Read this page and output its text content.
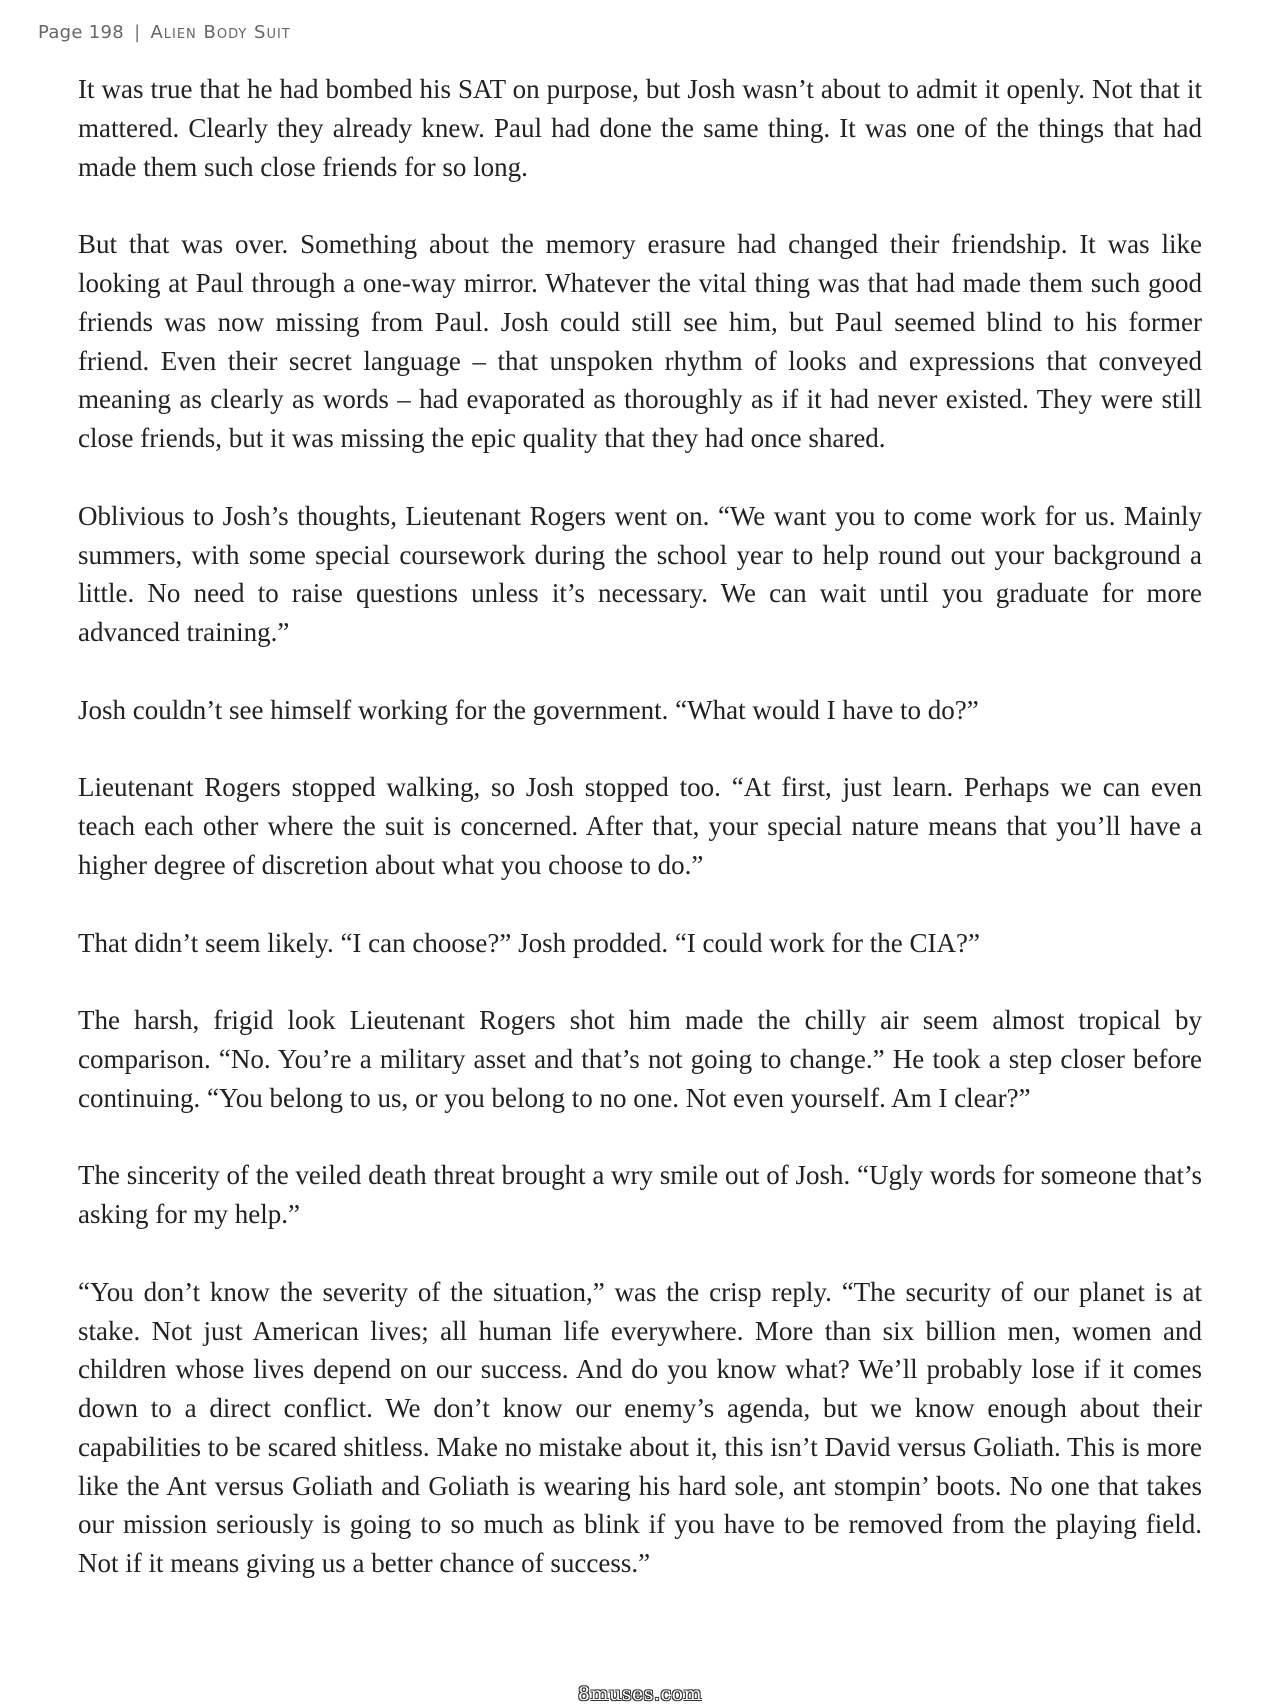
Page 198 | Alien Body Suit

It was true that he had bombed his SAT on purpose, but Josh wasn’t about to admit it openly. Not that it mattered. Clearly they already knew. Paul had done the same thing. It was one of the things that had made them such close friends for so long.

But that was over. Something about the memory erasure had changed their friendship. It was like looking at Paul through a one-way mirror. Whatever the vital thing was that had made them such good friends was now missing from Paul. Josh could still see him, but Paul seemed blind to his former friend. Even their secret language – that unspoken rhythm of looks and expressions that conveyed meaning as clearly as words – had evaporated as thoroughly as if it had never existed. They were still close friends, but it was missing the epic quality that they had once shared.

Oblivious to Josh’s thoughts, Lieutenant Rogers went on. “We want you to come work for us. Mainly summers, with some special coursework during the school year to help round out your background a little. No need to raise questions unless it’s necessary. We can wait until you graduate for more advanced training.”

Josh couldn’t see himself working for the government. “What would I have to do?”

Lieutenant Rogers stopped walking, so Josh stopped too. “At first, just learn. Perhaps we can even teach each other where the suit is concerned. After that, your special nature means that you’ll have a higher degree of discretion about what you choose to do.”

That didn’t seem likely. “I can choose?” Josh prodded. “I could work for the CIA?”

The harsh, frigid look Lieutenant Rogers shot him made the chilly air seem almost tropical by comparison. “No. You’re a military asset and that’s not going to change.” He took a step closer before continuing. “You belong to us, or you belong to no one. Not even yourself. Am I clear?”

The sincerity of the veiled death threat brought a wry smile out of Josh. “Ugly words for someone that’s asking for my help.”

“You don’t know the severity of the situation,” was the crisp reply. “The security of our planet is at stake. Not just American lives; all human life everywhere. More than six billion men, women and children whose lives depend on our success. And do you know what? We’ll probably lose if it comes down to a direct conflict. We don’t know our enemy’s agenda, but we know enough about their capabilities to be scared shitless. Make no mistake about it, this isn’t David versus Goliath. This is more like the Ant versus Goliath and Goliath is wearing his hard sole, ant stompin’ boots. No one that takes our mission seriously is going to so much as blink if you have to be removed from the playing field. Not if it means giving us a better chance of success.”

8muses.com
